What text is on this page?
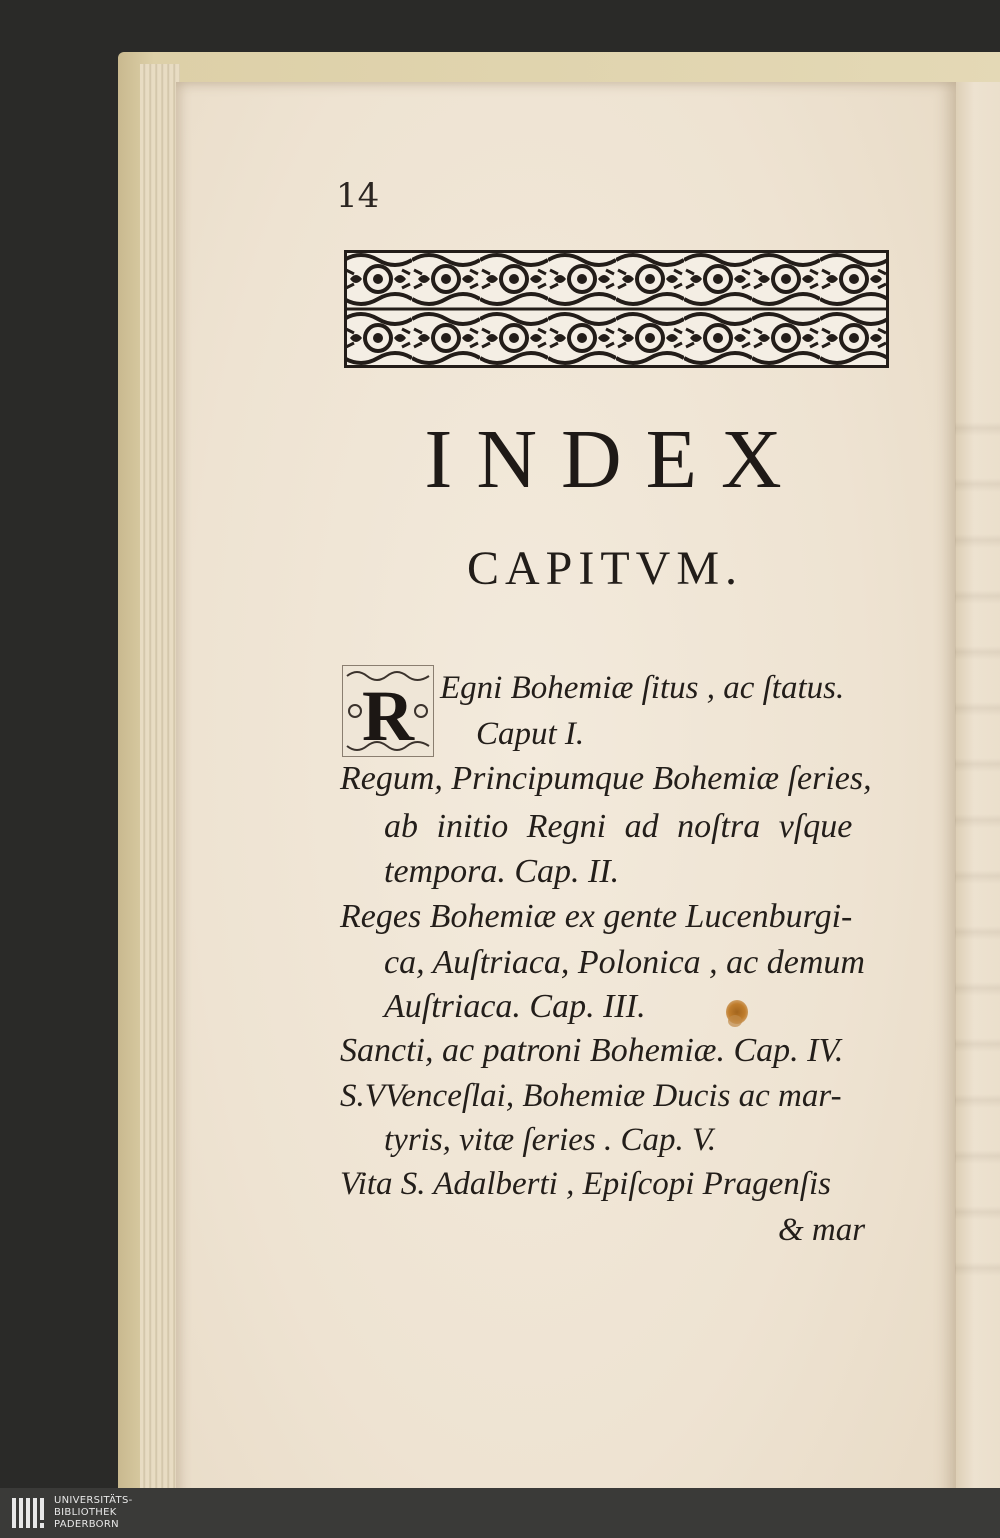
14
INDEX
CAPITVM.
R Egni Bohemiæ ſitus , ac ſtatus.
Caput I.
Regum, Principumque Bohemiæ ſeries,
ab initio Regni ad noſtra vſque
tempora. Cap. II.
Reges Bohemiæ ex gente Lucenburgi-
ca, Auſtriaca, Polonica , ac demum
Auſtriaca. Cap. III.
Sancti, ac patroni Bohemiæ. Cap. IV.
S.VVenceſlai, Bohemiæ Ducis ac mar-
tyris, vitæ ſeries . Cap. V.
Vita S. Adalberti , Epiſcopi Pragenſis
& mar
UNIVERSITÄTS-
BIBLIOTHEK
PADERBORN
